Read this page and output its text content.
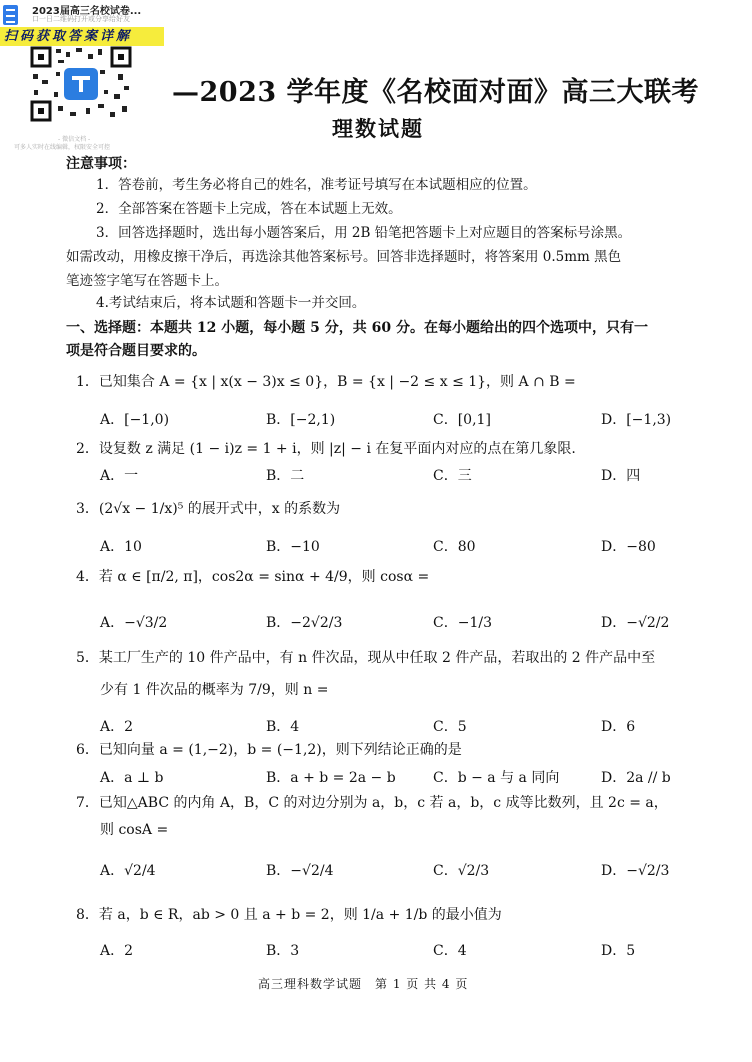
2023届高三名校试卷...
口一日二维码打开或分享给好友
扫码获取答案详解
- 微信文档 -
可多人实时在线编辑，权限安全可控
—2023 学年度《名校面对面》高三大联考
理数试题
注意事项：
1．答卷前，考生务必将自己的姓名，准考证号填写在本试题相应的位置。
2．全部答案在答题卡上完成，答在本试题上无效。
3．回答选择题时，选出每小题答案后，用 2B 铅笔把答题卡上对应题目的答案标号涂黑。
如需改动，用橡皮擦干净后，再选涂其他答案标号。回答非选择题时，将答案用 0.5mm 黑色
笔迹签字笔写在答题卡上。
4.考试结束后，将本试题和答题卡一并交回。
一、选择题：本题共 12 小题，每小题 5 分，共 60 分。在每小题给出的四个选项中，只有一
项是符合题目要求的。
1．已知集合 A = {x | x(x − 3)x ≤ 0}，B = {x | −2 ≤ x ≤ 1}，则 A ∩ B =
A．[−1,0)	B．[−2,1)	C．[0,1]	D．[−1,3)
2．设复数 z 满足 (1 − i)z = 1 + i，则 |z| − i 在复平面内对应的点在第几象限.
A．一	B．二	C．三	D．四
3．(2√x − 1/x)⁵ 的展开式中，x 的系数为
A．10	B．−10	C．80	D．−80
4．若 α ∈ [π/2, π]，cos2α = sinα + 4/9，则 cosα =
A．−√3/2	B．−2√2/3	C．−1/3	D．−√2/2
5．某工厂生产的 10 件产品中，有 n 件次品，现从中任取 2 件产品，若取出的 2 件产品中至
少有 1 件次品的概率为 7/9，则 n =
A．2	B．4	C．5	D．6
6．已知向量 a = (1,−2)，b = (−1,2)，则下列结论正确的是
A．a ⊥ b	B．a + b = 2a − b	C．b − a 与 a 同向	D．2a // b
7．已知△ABC 的内角 A，B，C 的对边分别为 a，b，c 若 a，b，c 成等比数列，且 2c = a，
则 cosA =
A．√2/4	B．−√2/4	C．√2/3	D．−√2/3
8．若 a，b ∈ R，ab > 0 且 a + b = 2，则 1/a + 1/b 的最小值为
A．2	B．3	C．4	D．5
高三理科数学试题　第 1 页 共 4 页
